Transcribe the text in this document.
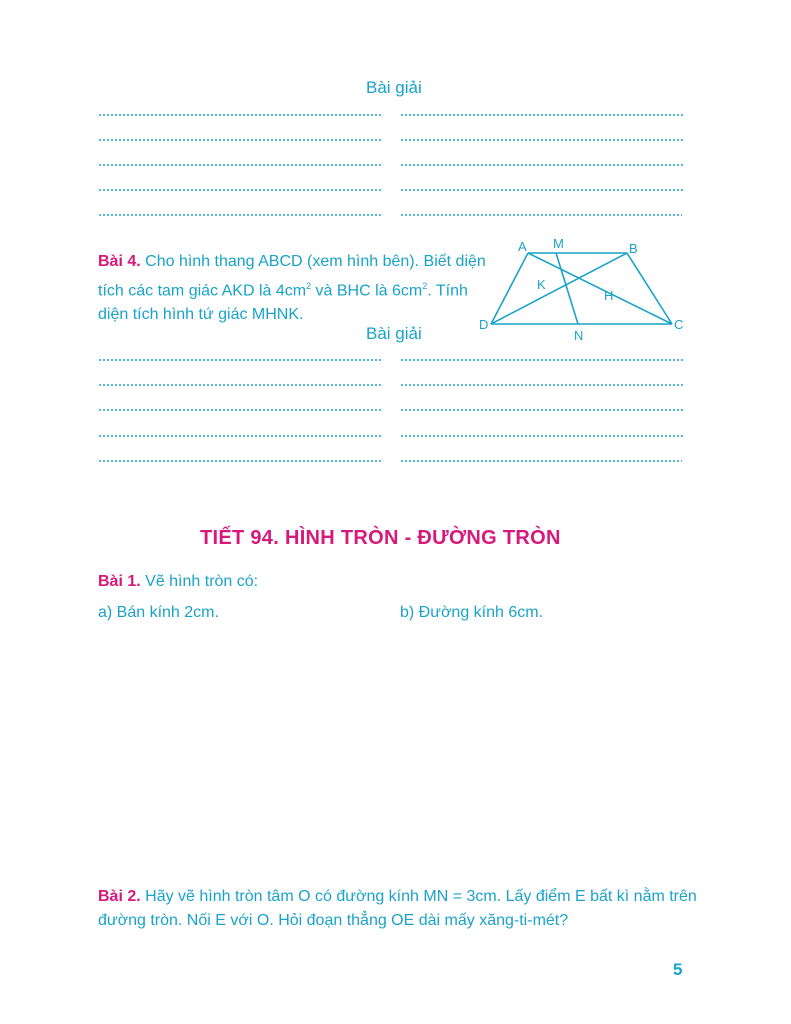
Bài giải
Bài 4. Cho hình thang ABCD (xem hình bên). Biết diện
tích các tam giác AKD là $4cm^2$ và BHC là $6cm^2$. Tính
diện tích hình tứ giác MHNK.
A M	B
K
H
D
N
C
Bài giải
TIẾT 94. HÌNH TRÒN - ĐƯỜNG TRÒN
Bài 1. Vẽ hình tròn có:
a) Bán kính 2cm.	b) Đường kính 6cm.
Bài 2. Hãy vẽ hình tròn tâm O có đường kính MN = 3cm. Lấy điểm E bất kì nằm trên
đường tròn. Nối E với O. Hỏi đoạn thẳng OE dài mấy xăng-ti-mét?
5
